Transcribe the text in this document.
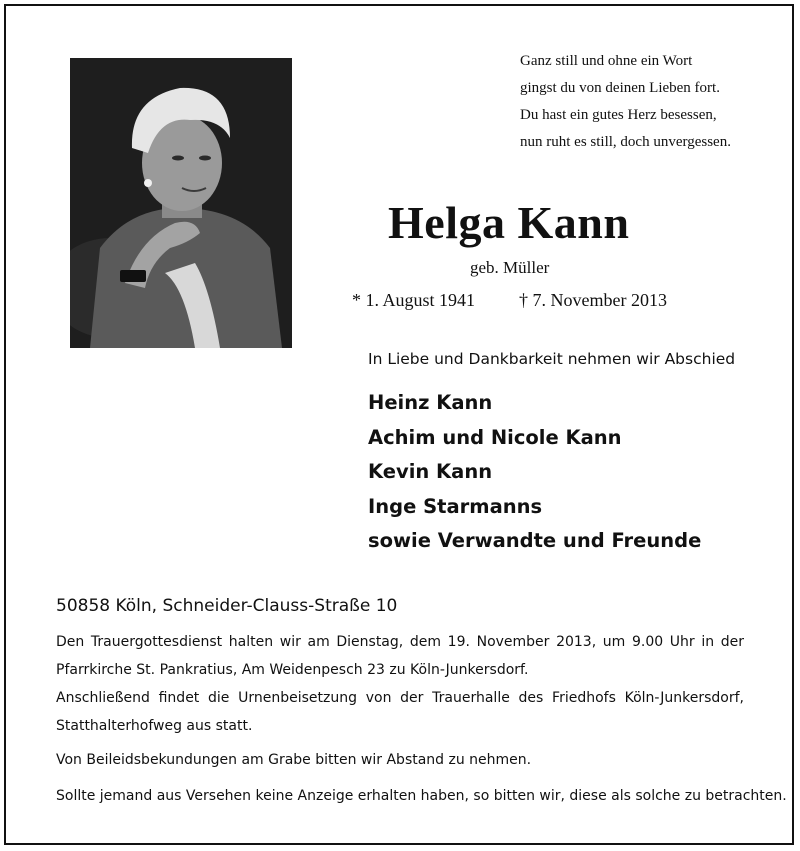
Ganz still und ohne ein Wort
gingst du von deinen Lieben fort.
Du hast ein gutes Herz besessen,
nun ruht es still, doch unvergessen.
Helga Kann
geb. Müller
* 1. August 1941 † 7. November 2013
In Liebe und Dankbarkeit nehmen wir Abschied
Heinz Kann
Achim und Nicole Kann
Kevin Kann
Inge Starmanns
sowie Verwandte und Freunde
50858 Köln, Schneider-Clauss-Straße 10
Den Trauergottesdienst halten wir am Dienstag, dem 19. November 2013, um 9.00 Uhr in der Pfarrkirche St. Pankratius, Am Weidenpesch 23 zu Köln-Junkersdorf.
Anschließend findet die Urnenbeisetzung von der Trauerhalle des Friedhofs Köln-Junkersdorf, Statthalterhofweg aus statt.
Von Beileidsbekundungen am Grabe bitten wir Abstand zu nehmen.
Sollte jemand aus Versehen keine Anzeige erhalten haben, so bitten wir, diese als solche zu betrachten.
